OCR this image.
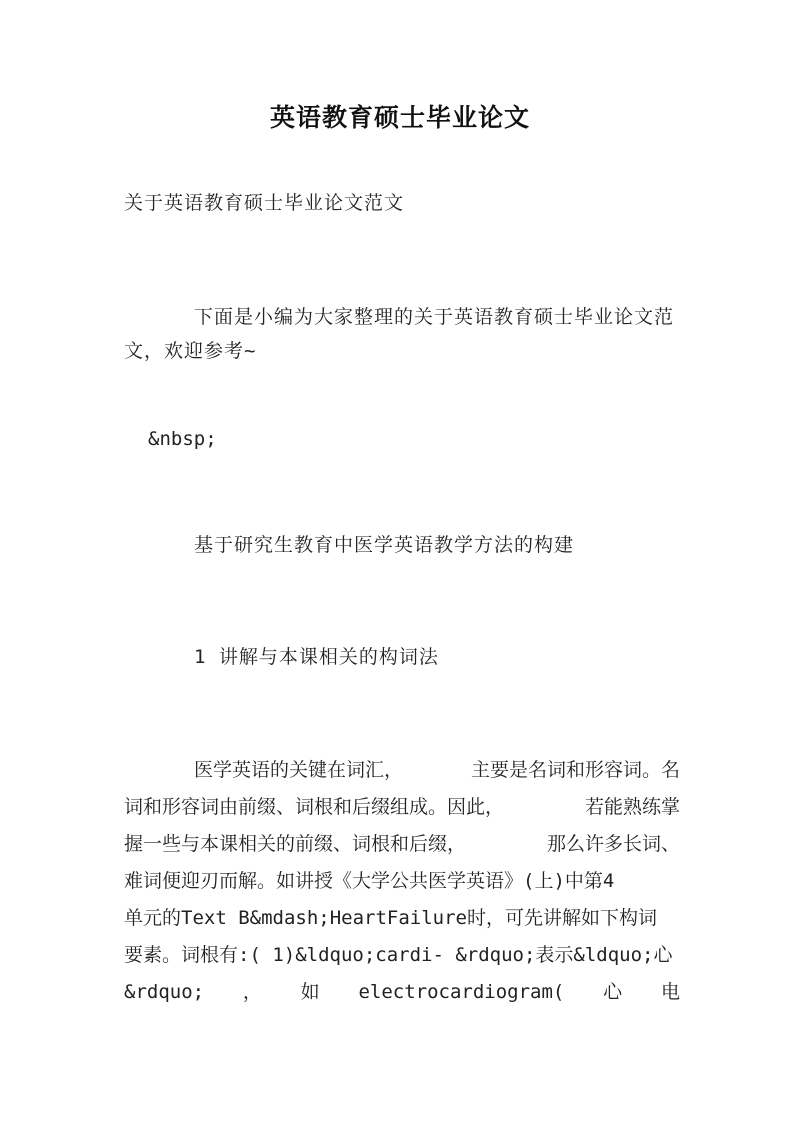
英语教育硕士毕业论文
关于英语教育硕士毕业论文范文
下面是小编为大家整理的关于英语教育硕士毕业论文范文，欢迎参考~
&nbsp;
基于研究生教育中医学英语教学方法的构建
1 讲解与本课相关的构词法
医学英语的关键在词汇，	主要是名词和形容词。名
词和形容词由前缀、词根和后缀组成。因此，	若能熟练掌
握一些与本课相关的前缀、词根和后缀，	那么许多长词、
难词便迎刃而解。如讲授《大学公共医学英语》(上)中第4
单元的Text B&mdash;HeartFailure时，可先讲解如下构词
要素。词根有:( 1)&ldquo;cardi- &rdquo;表示&ldquo;心
&rdquo; ， 如 electrocardiogram( 心 电
